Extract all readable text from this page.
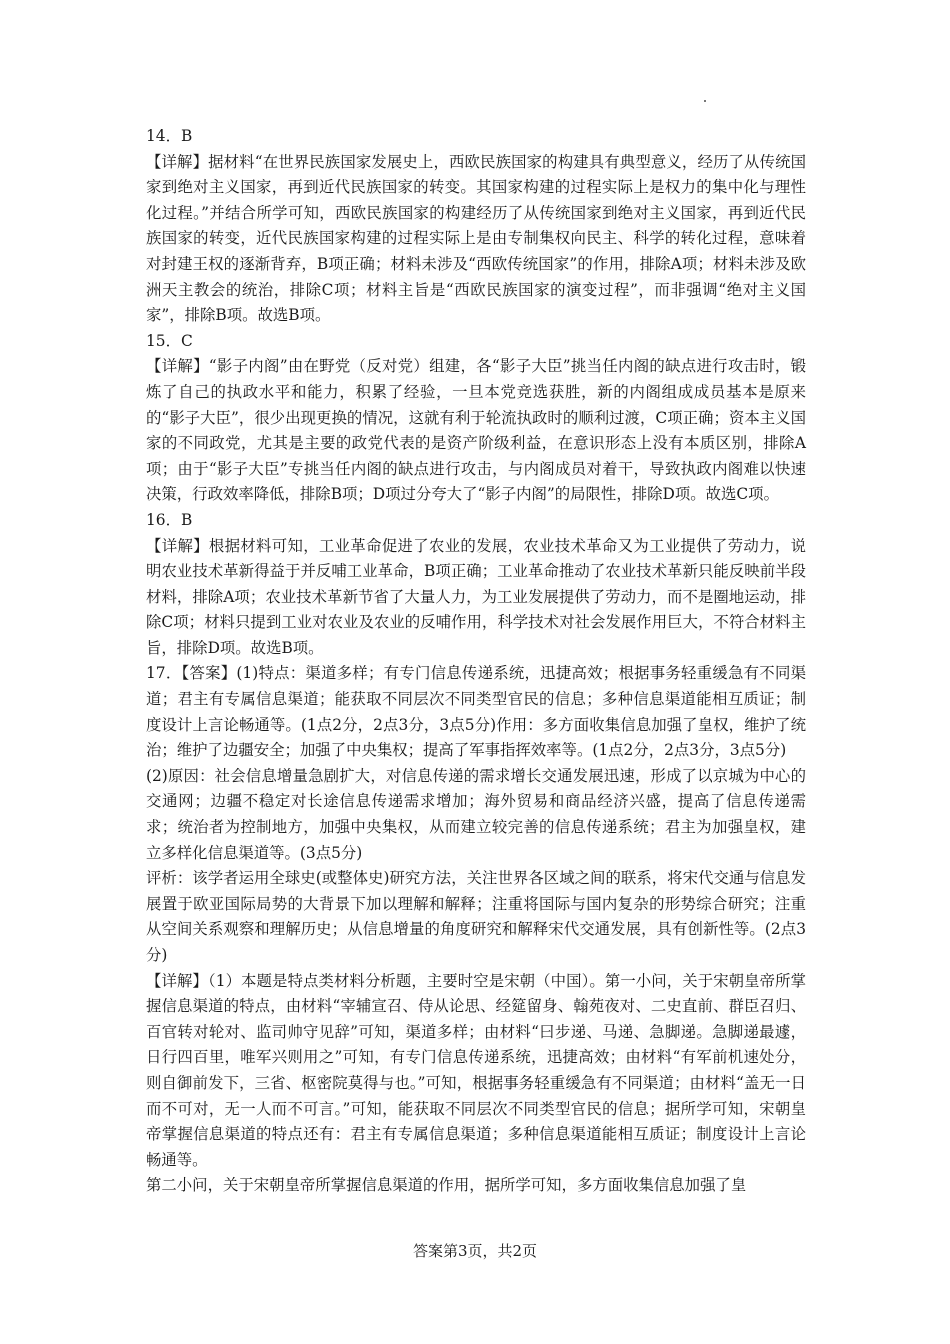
14．B

【详解】据材料“在世界民族国家发展史上，西欧民族国家的构建具有典型意义，经历了从传统国家到绝对主义国家，再到近代民族国家的转变。其国家构建的过程实际上是权力的集中化与理性化过程。”并结合所学可知，西欧民族国家的构建经历了从传统国家到绝对主义国家，再到近代民族国家的转变，近代民族国家构建的过程实际上是由专制集权向民主、科学的转化过程，意味着对封建王权的逐渐背弃，B项正确；材料未涉及“西欧传统国家”的作用，排除A项；材料未涉及欧洲天主教会的统治，排除C项；材料主旨是“西欧民族国家的演变过程”，而非强调“绝对主义国家”，排除B项。故选B项。

15．C

【详解】“影子内阁”由在野党（反对党）组建，各“影子大臣”挑当任内阁的缺点进行攻击时，锻炼了自己的执政水平和能力，积累了经验，一旦本党竞选获胜，新的内阁组成成员基本是原来的“影子大臣”，很少出现更换的情况，这就有利于轮流执政时的顺利过渡，C项正确；资本主义国家的不同政党，尤其是主要的政党代表的是资产阶级利益，在意识形态上没有本质区别，排除A项；由于“影子大臣”专挑当任内阁的缺点进行攻击，与内阁成员对着干，导致执政内阁难以快速决策，行政效率降低，排除B项；D项过分夸大了“影子内阁”的局限性，排除D项。故选C项。

16．B

【详解】根据材料可知，工业革命促进了农业的发展，农业技术革命又为工业提供了劳动力，说明农业技术革新得益于并反哺工业革命，B项正确；工业革命推动了农业技术革新只能反映前半段材料，排除A项；农业技术革新节省了大量人力，为工业发展提供了劳动力，而不是圈地运动，排除C项；材料只提到工业对农业及农业的反哺作用，科学技术对社会发展作用巨大，不符合材料主旨，排除D项。故选B项。

17．【答案】(1)特点：渠道多样；有专门信息传递系统，迅捷高效；根据事务轻重缓急有不同渠道；君主有专属信息渠道；能获取不同层次不同类型官民的信息；多种信息渠道能相互质证；制度设计上言论畅通等。(1点2分，2点3分，3点5分)作用：多方面收集信息加强了皇权，维护了统治；维护了边疆安全；加强了中央集权；提高了军事指挥效率等。(1点2分，2点3分，3点5分)

(2)原因：社会信息增量急剧扩大，对信息传递的需求增长交通发展迅速，形成了以京城为中心的交通网；边疆不稳定对长途信息传递需求增加；海外贸易和商品经济兴盛，提高了信息传递需求；统治者为控制地方，加强中央集权，从而建立较完善的信息传递系统；君主为加强皇权，建立多样化信息渠道等。(3点5分)

评析：该学者运用全球史(或整体史)研究方法，关注世界各区域之间的联系，将宋代交通与信息发展置于欧亚国际局势的大背景下加以理解和解释；注重将国际与国内复杂的形势综合研究；注重从空间关系观察和理解历史；从信息增量的角度研究和解释宋代交通发展，具有创新性等。(2点3分)

【详解】（1）本题是特点类材料分析题，主要时空是宋朝（中国）。第一小问，关于宋朝皇帝所掌握信息渠道的特点，由材料“宰辅宣召、侍从论思、经筵留身、翰苑夜对、二史直前、群臣召归、百官转对轮对、监司帅守见辞”可知，渠道多样；由材料“曰步递、马递、急脚递。急脚递最遽，日行四百里，唯军兴则用之”可知，有专门信息传递系统，迅捷高效；由材料“有军前机速处分，则自御前发下，三省、枢密院莫得与也。”可知，根据事务轻重缓急有不同渠道；由材料“盖无一日而不可对，无一人而不可言。”可知，能获取不同层次不同类型官民的信息；据所学可知，宋朝皇帝掌握信息渠道的特点还有：君主有专属信息渠道；多种信息渠道能相互质证；制度设计上言论畅通等。

第二小问，关于宋朝皇帝所掌握信息渠道的作用，据所学可知，多方面收集信息加强了皇

答案第3页，共2页
